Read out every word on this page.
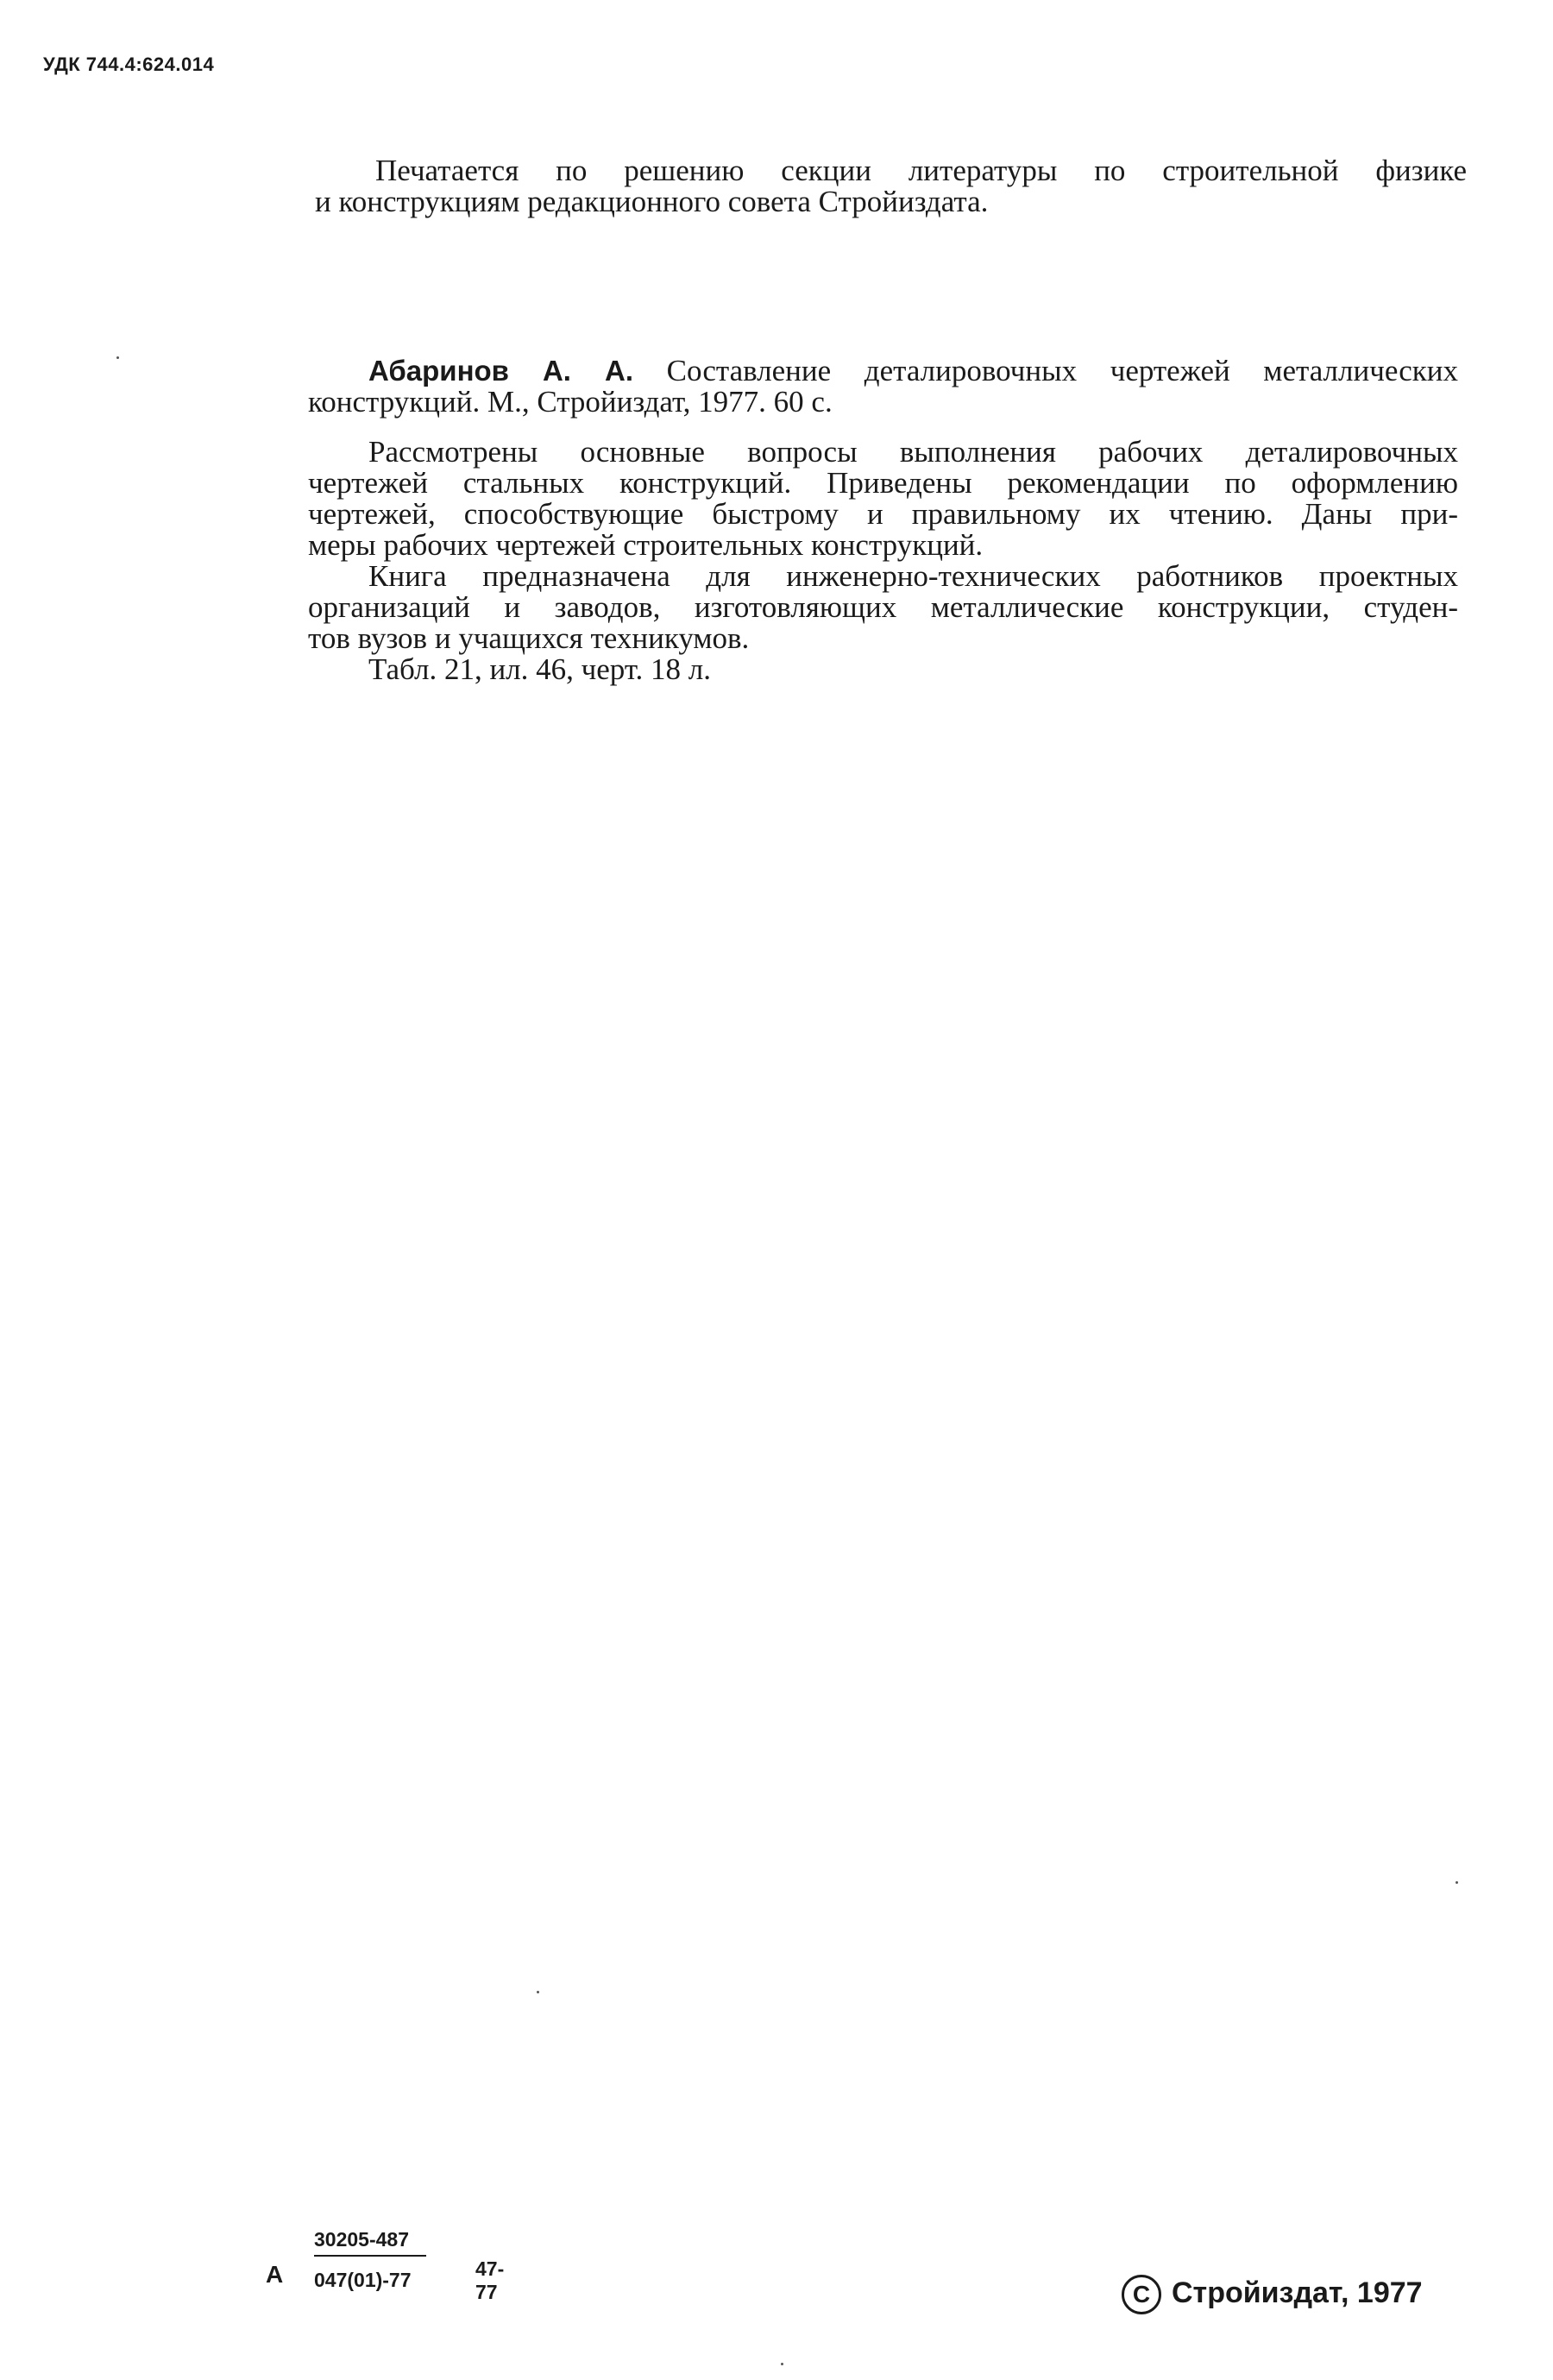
УДК 744.4:624.014
Печатается по решению секции литературы по строительной физике
и конструкциям редакционного совета Стройиздата.
Абаринов А. А. Составление деталировочных чертежей металлических
конструкций. М., Стройиздат, 1977. 60 с.
Рассмотрены основные вопросы выполнения рабочих деталировочных
чертежей стальных конструкций. Приведены рекомендации по оформлению
чертежей, способствующие быстрому и правильному их чтению. Даны при-
меры рабочих чертежей строительных конструкций.
Книга предназначена для инженерно-технических работников проектных
организаций и заводов, изготовляющих металлические конструкции, студен-
тов вузов и учащихся техникумов.
Табл. 21, ил. 46, черт. 18 л.
А $\frac{30205-487}{047(01)-77} 47-77$	C Стройиздат, 1977
